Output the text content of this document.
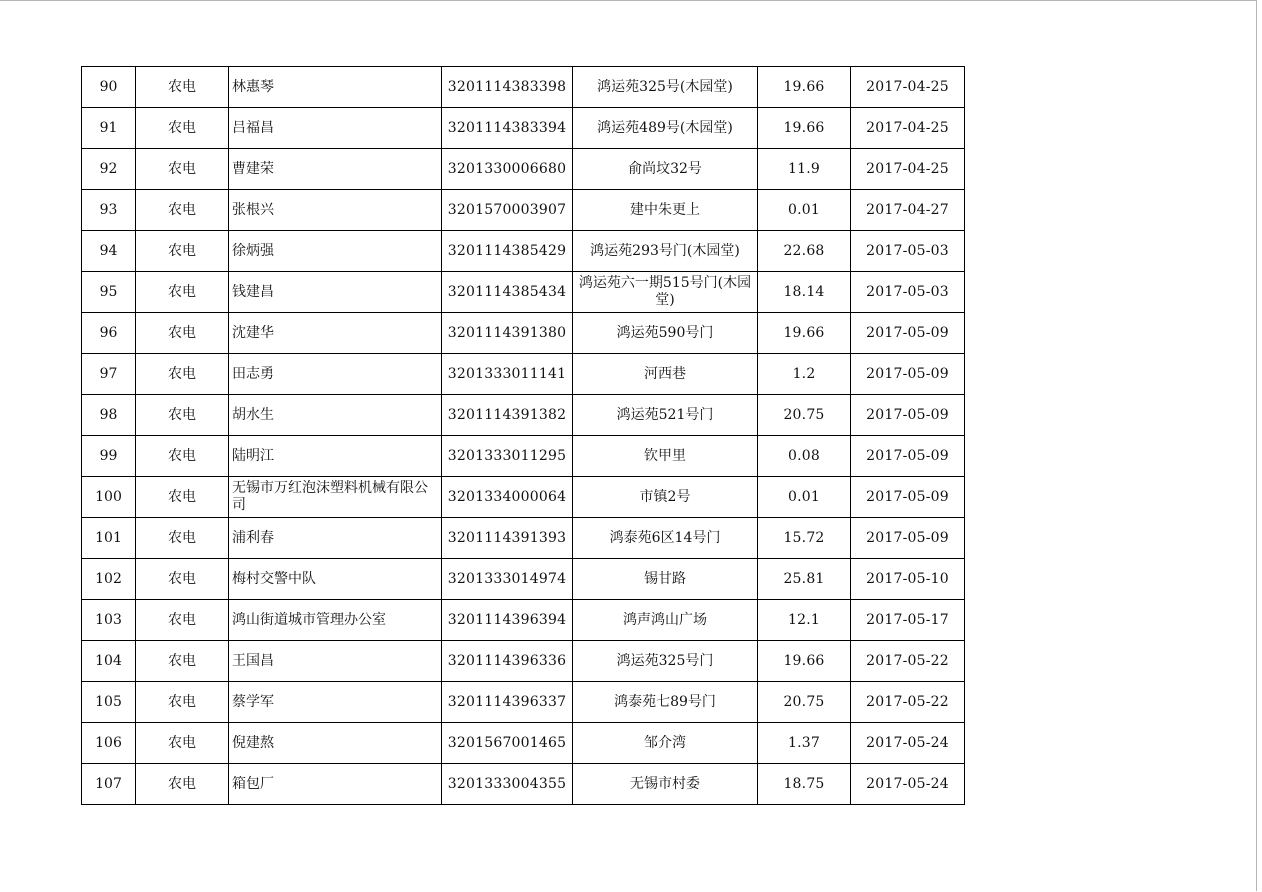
90	农电	林惠琴	3201114383398	鸿运苑325号(木园堂)	19.66	2017-04-25
91	农电	吕福昌	3201114383394	鸿运苑489号(木园堂)	19.66	2017-04-25
92	农电	曹建荣	3201330006680	俞尚坟32号	11.9	2017-04-25
93	农电	张根兴	3201570003907	建中朱更上	0.01	2017-04-27
94	农电	徐炳强	3201114385429	鸿运苑293号门(木园堂)	22.68	2017-05-03
95	农电	钱建昌	3201114385434	鸿运苑六一期515号门(木园堂)	18.14	2017-05-03
96	农电	沈建华	3201114391380	鸿运苑590号门	19.66	2017-05-09
97	农电	田志勇	3201333011141	河西巷	1.2	2017-05-09
98	农电	胡水生	3201114391382	鸿运苑521号门	20.75	2017-05-09
99	农电	陆明江	3201333011295	钦甲里	0.08	2017-05-09
100	农电	无锡市万红泡沫塑料机械有限公司	3201334000064	市镇2号	0.01	2017-05-09
101	农电	浦利春	3201114391393	鸿泰苑6区14号门	15.72	2017-05-09
102	农电	梅村交警中队	3201333014974	锡甘路	25.81	2017-05-10
103	农电	鸿山街道城市管理办公室	3201114396394	鸿声鸿山广场	12.1	2017-05-17
104	农电	王国昌	3201114396336	鸿运苑325号门	19.66	2017-05-22
105	农电	蔡学军	3201114396337	鸿泰苑七89号门	20.75	2017-05-22
106	农电	倪建熬	3201567001465	邹介湾	1.37	2017-05-24
107	农电	箱包厂	3201333004355	无锡市村委	18.75	2017-05-24
